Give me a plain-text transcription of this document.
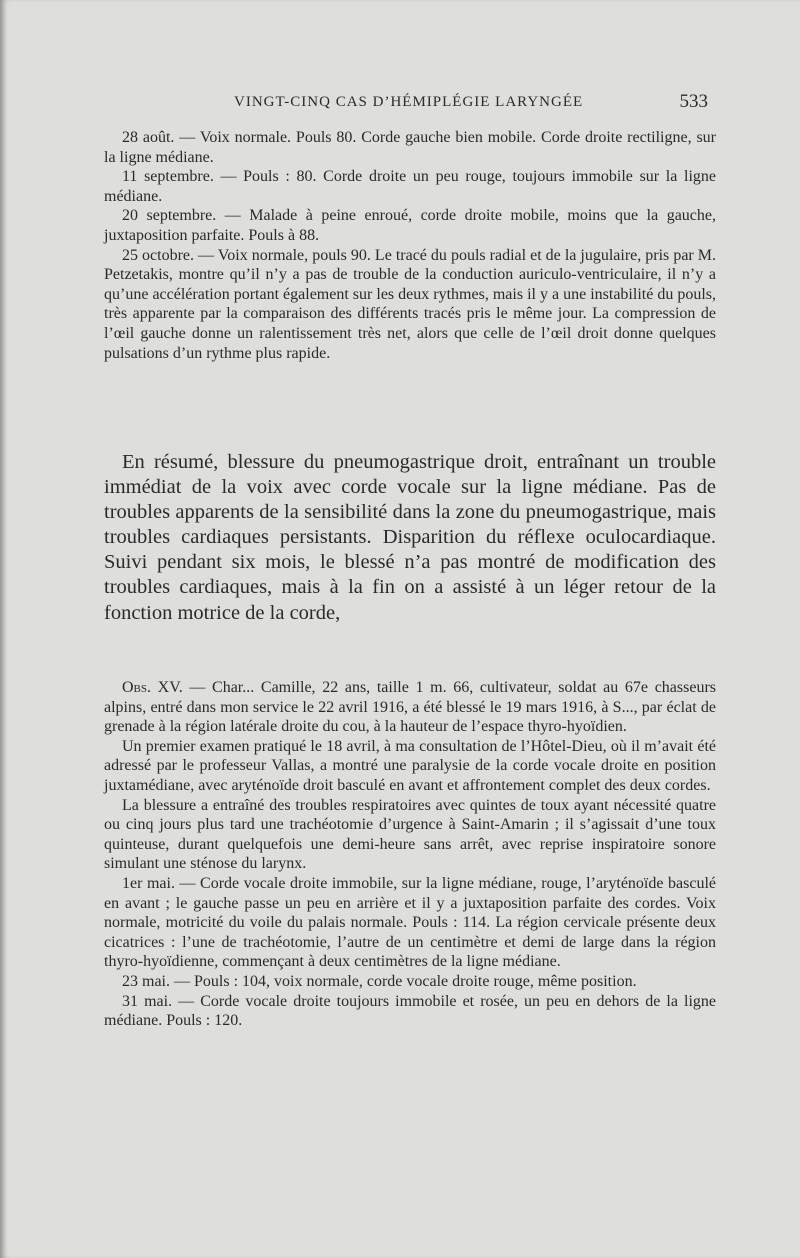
VINGT-CINQ CAS D’HÉMIPLÉGIE LARYNGÉE	533

28 août. — Voix normale. Pouls 80. Corde gauche bien mobile. Corde droite rectiligne, sur la ligne médiane.

11 septembre. — Pouls : 80. Corde droite un peu rouge, toujours immobile sur la ligne médiane.

20 septembre. — Malade à peine enroué, corde droite mobile, moins que la gauche, juxtaposition parfaite. Pouls à 88.

25 octobre. — Voix normale, pouls 90. Le tracé du pouls radial et de la jugulaire, pris par M. Petzetakis, montre qu’il n’y a pas de trouble de la conduction auriculo-ventriculaire, il n’y a qu’une accélération portant également sur les deux rythmes, mais il y a une instabilité du pouls, très apparente par la comparaison des différents tracés pris le même jour. La compression de l’œil gauche donne un ralentissement très net, alors que celle de l’œil droit donne quelques pulsations d’un rythme plus rapide.

En résumé, blessure du pneumogastrique droit, entraînant un trouble immédiat de la voix avec corde vocale sur la ligne médiane. Pas de troubles apparents de la sensibilité dans la zone du pneumogastrique, mais troubles cardiaques persistants. Disparition du réflexe oculocardiaque. Suivi pendant six mois, le blessé n’a pas montré de modification des troubles cardiaques, mais à la fin on a assisté à un léger retour de la fonction motrice de la corde,

Obs. XV. — Char... Camille, 22 ans, taille 1 m. 66, cultivateur, soldat au 67e chasseurs alpins, entré dans mon service le 22 avril 1916, a été blessé le 19 mars 1916, à S..., par éclat de grenade à la région latérale droite du cou, à la hauteur de l’espace thyro-hyoïdien.

Un premier examen pratiqué le 18 avril, à ma consultation de l’Hôtel-Dieu, où il m’avait été adressé par le professeur Vallas, a montré une paralysie de la corde vocale droite en position juxtamédiane, avec aryténoïde droit basculé en avant et affrontement complet des deux cordes.

La blessure a entraîné des troubles respiratoires avec quintes de toux ayant nécessité quatre ou cinq jours plus tard une trachéotomie d’urgence à Saint-Amarin ; il s’agissait d’une toux quinteuse, durant quelquefois une demi-heure sans arrêt, avec reprise inspiratoire sonore simulant une sténose du larynx.

1er mai. — Corde vocale droite immobile, sur la ligne médiane, rouge, l’aryténoïde basculé en avant ; le gauche passe un peu en arrière et il y a juxtaposition parfaite des cordes. Voix normale, motricité du voile du palais normale. Pouls : 114. La région cervicale présente deux cicatrices : l’une de trachéotomie, l’autre de un centimètre et demi de large dans la région thyro-hyoïdienne, commençant à deux centimètres de la ligne médiane.

23 mai. — Pouls : 104, voix normale, corde vocale droite rouge, même position.

31 mai. — Corde vocale droite toujours immobile et rosée, un peu en dehors de la ligne médiane. Pouls : 120.
